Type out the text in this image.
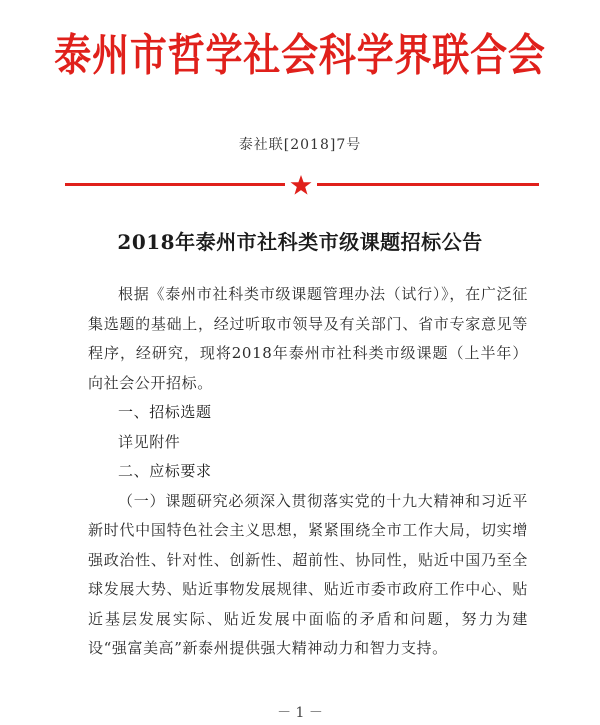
泰州市哲学社会科学界联合会
泰社联[2018]7号
2018年泰州市社科类市级课题招标公告

根据《泰州市社科类市级课题管理办法（试行）》，在广泛征集选题的基础上，经过听取市领导及有关部门、省市专家意见等程序，经研究，现将2018年泰州市社科类市级课题（上半年）向社会公开招标。

一、招标选题

详见附件

二、应标要求

（一）课题研究必须深入贯彻落实党的十九大精神和习近平新时代中国特色社会主义思想，紧紧围绕全市工作大局，切实增强政治性、针对性、创新性、超前性、协同性，贴近中国乃至全球发展大势、贴近事物发展规律、贴近市委市政府工作中心、贴近基层发展实际、贴近发展中面临的矛盾和问题，努力为建设“强富美高”新泰州提供强大精神动力和智力支持。

－ 1 －
